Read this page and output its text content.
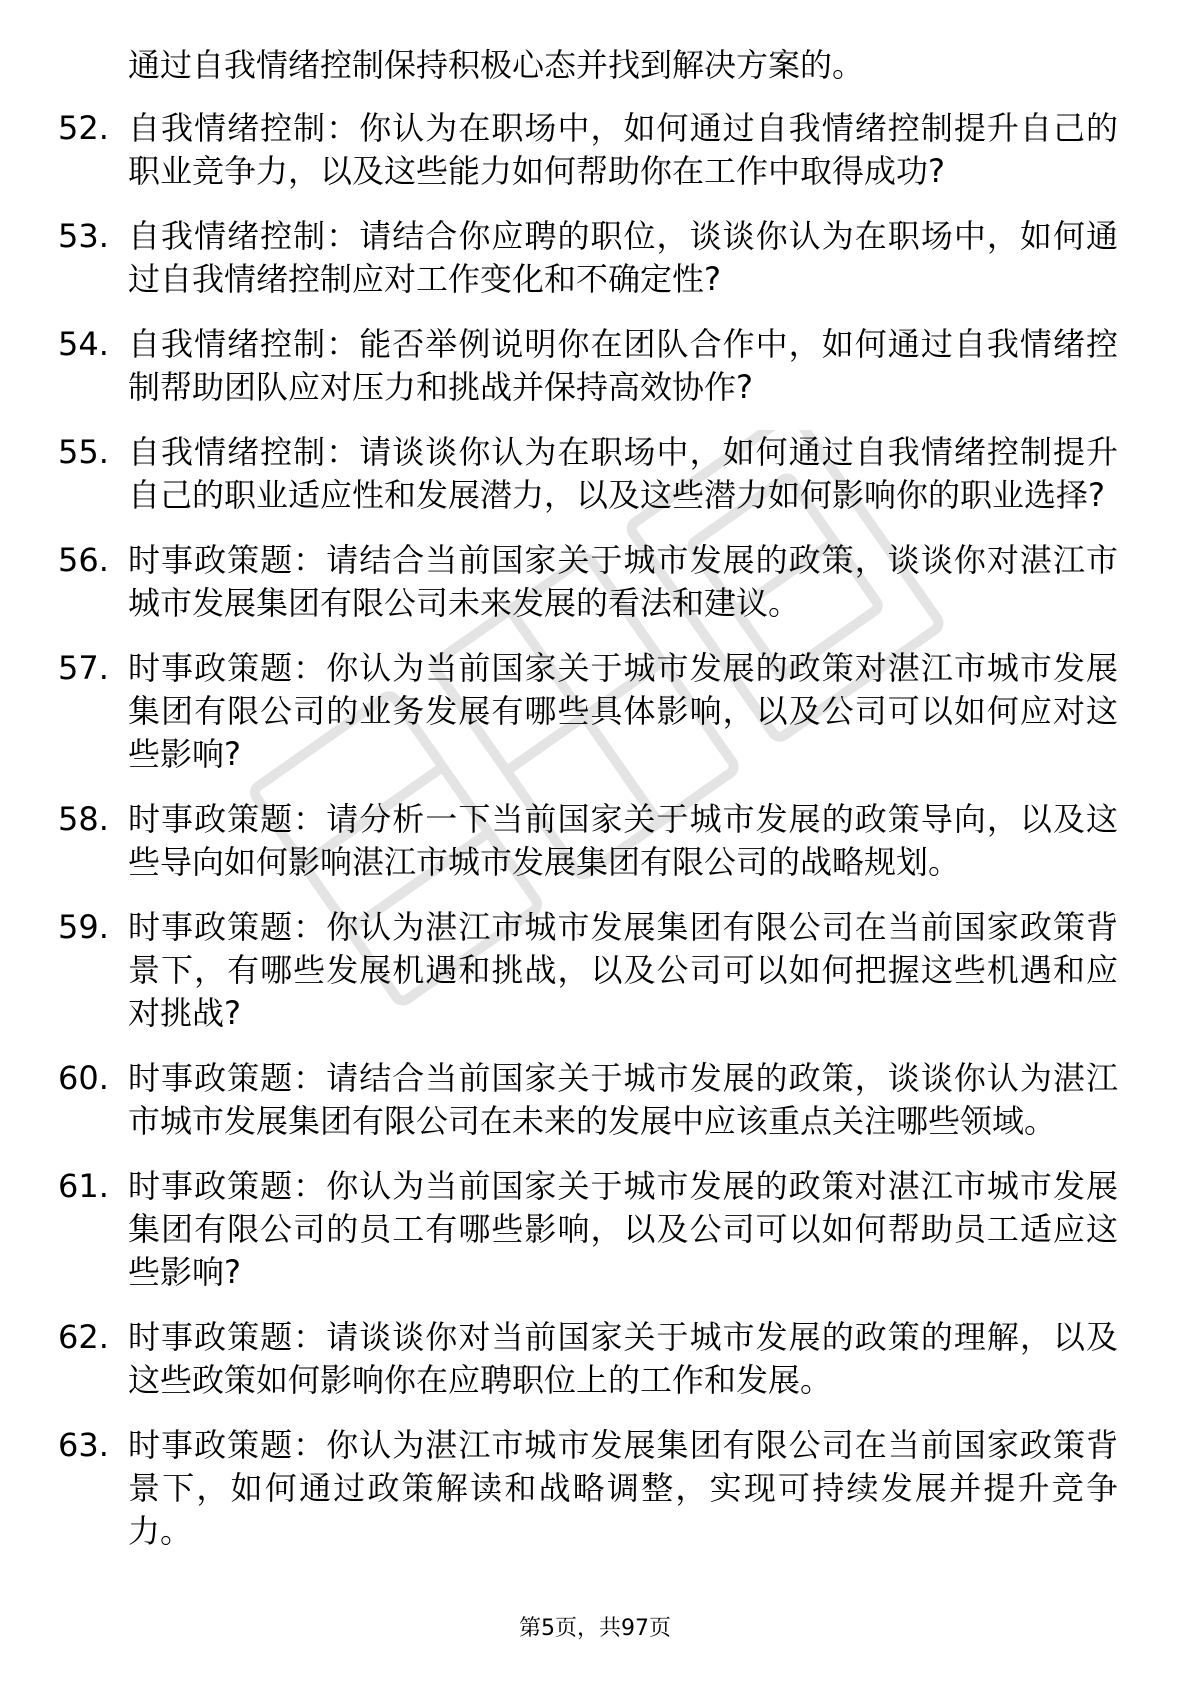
通过自我情绪控制保持积极心态并找到解决方案的。
52. 自我情绪控制：你认为在职场中，如何通过自我情绪控制提升自己的职业竞争力，以及这些能力如何帮助你在工作中取得成功?
53. 自我情绪控制：请结合你应聘的职位，谈谈你认为在职场中，如何通过自我情绪控制应对工作变化和不确定性?
54. 自我情绪控制：能否举例说明你在团队合作中，如何通过自我情绪控制帮助团队应对压力和挑战并保持高效协作?
55. 自我情绪控制：请谈谈你认为在职场中，如何通过自我情绪控制提升自己的职业适应性和发展潜力，以及这些潜力如何影响你的职业选择?
56. 时事政策题：请结合当前国家关于城市发展的政策，谈谈你对湛江市城市发展集团有限公司未来发展的看法和建议。
57. 时事政策题：你认为当前国家关于城市发展的政策对湛江市城市发展集团有限公司的业务发展有哪些具体影响，以及公司可以如何应对这些影响?
58. 时事政策题：请分析一下当前国家关于城市发展的政策导向，以及这些导向如何影响湛江市城市发展集团有限公司的战略规划。
59. 时事政策题：你认为湛江市城市发展集团有限公司在当前国家政策背景下，有哪些发展机遇和挑战，以及公司可以如何把握这些机遇和应对挑战?
60. 时事政策题：请结合当前国家关于城市发展的政策，谈谈你认为湛江市城市发展集团有限公司在未来的发展中应该重点关注哪些领域。
61. 时事政策题：你认为当前国家关于城市发展的政策对湛江市城市发展集团有限公司的员工有哪些影响，以及公司可以如何帮助员工适应这些影响?
62. 时事政策题：请谈谈你对当前国家关于城市发展的政策的理解，以及这些政策如何影响你在应聘职位上的工作和发展。
63. 时事政策题：你认为湛江市城市发展集团有限公司在当前国家政策背景下，如何通过政策解读和战略调整，实现可持续发展并提升竞争力。
第5页，共97页
